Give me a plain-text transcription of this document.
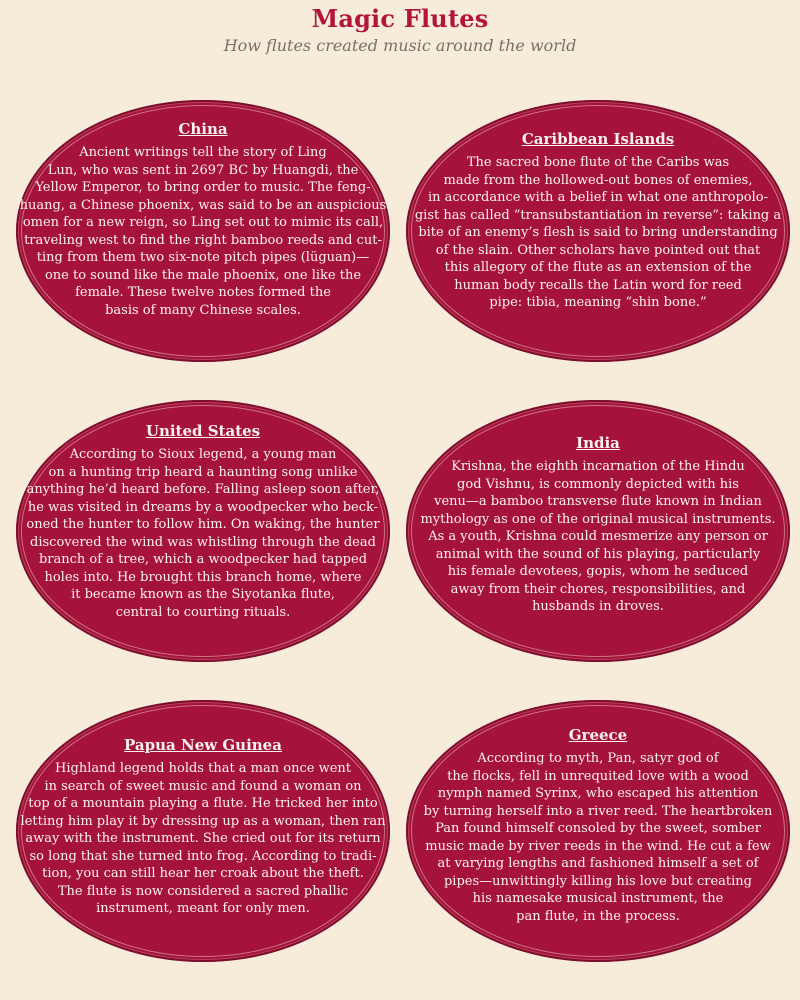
Magic Flutes

How flutes created music around the world

China

Ancient writings tell the story of Ling
Lun, who was sent in 2697 BC by Huangdi, the
Yellow Emperor, to bring order to music. The feng-
huang, a Chinese phoenix, was said to be an auspicious
omen for a new reign, so Ling set out to mimic its call,
traveling west to find the right bamboo reeds and cut-
ting from them two six-note pitch pipes (lüguan)—
one to sound like the male phoenix, one like the
female. These twelve notes formed the
basis of many Chinese scales.

Caribbean Islands

The sacred bone flute of the Caribs was
made from the hollowed-out bones of enemies,
in accordance with a belief in what one anthropolo-
gist has called “transubstantiation in reverse”: taking a
bite of an enemy’s flesh is said to bring understanding
of the slain. Other scholars have pointed out that
this allegory of the flute as an extension of the
human body recalls the Latin word for reed
pipe: tibia, meaning “shin bone.”

United States

According to Sioux legend, a young man
on a hunting trip heard a haunting song unlike
anything he’d heard before. Falling asleep soon after,
he was visited in dreams by a woodpecker who beck-
oned the hunter to follow him. On waking, the hunter
discovered the wind was whistling through the dead
branch of a tree, which a woodpecker had tapped
holes into. He brought this branch home, where
it became known as the Siyotanka flute,
central to courting rituals.

India

Krishna, the eighth incarnation of the Hindu
god Vishnu, is commonly depicted with his
venu—a bamboo transverse flute known in Indian
mythology as one of the original musical instruments.
As a youth, Krishna could mesmerize any person or
animal with the sound of his playing, particularly
his female devotees, gopis, whom he seduced
away from their chores, responsibilities, and
husbands in droves.

Papua New Guinea

Highland legend holds that a man once went
in search of sweet music and found a woman on
top of a mountain playing a flute. He tricked her into
letting him play it by dressing up as a woman, then ran
away with the instrument. She cried out for its return
so long that she turned into frog. According to tradi-
tion, you can still hear her croak about the theft.
The flute is now considered a sacred phallic
instrument, meant for only men.

Greece

According to myth, Pan, satyr god of
the flocks, fell in unrequited love with a wood
nymph named Syrinx, who escaped his attention
by turning herself into a river reed. The heartbroken
Pan found himself consoled by the sweet, somber
music made by river reeds in the wind. He cut a few
at varying lengths and fashioned himself a set of
pipes—unwittingly killing his love but creating
his namesake musical instrument, the
pan flute, in the process.
